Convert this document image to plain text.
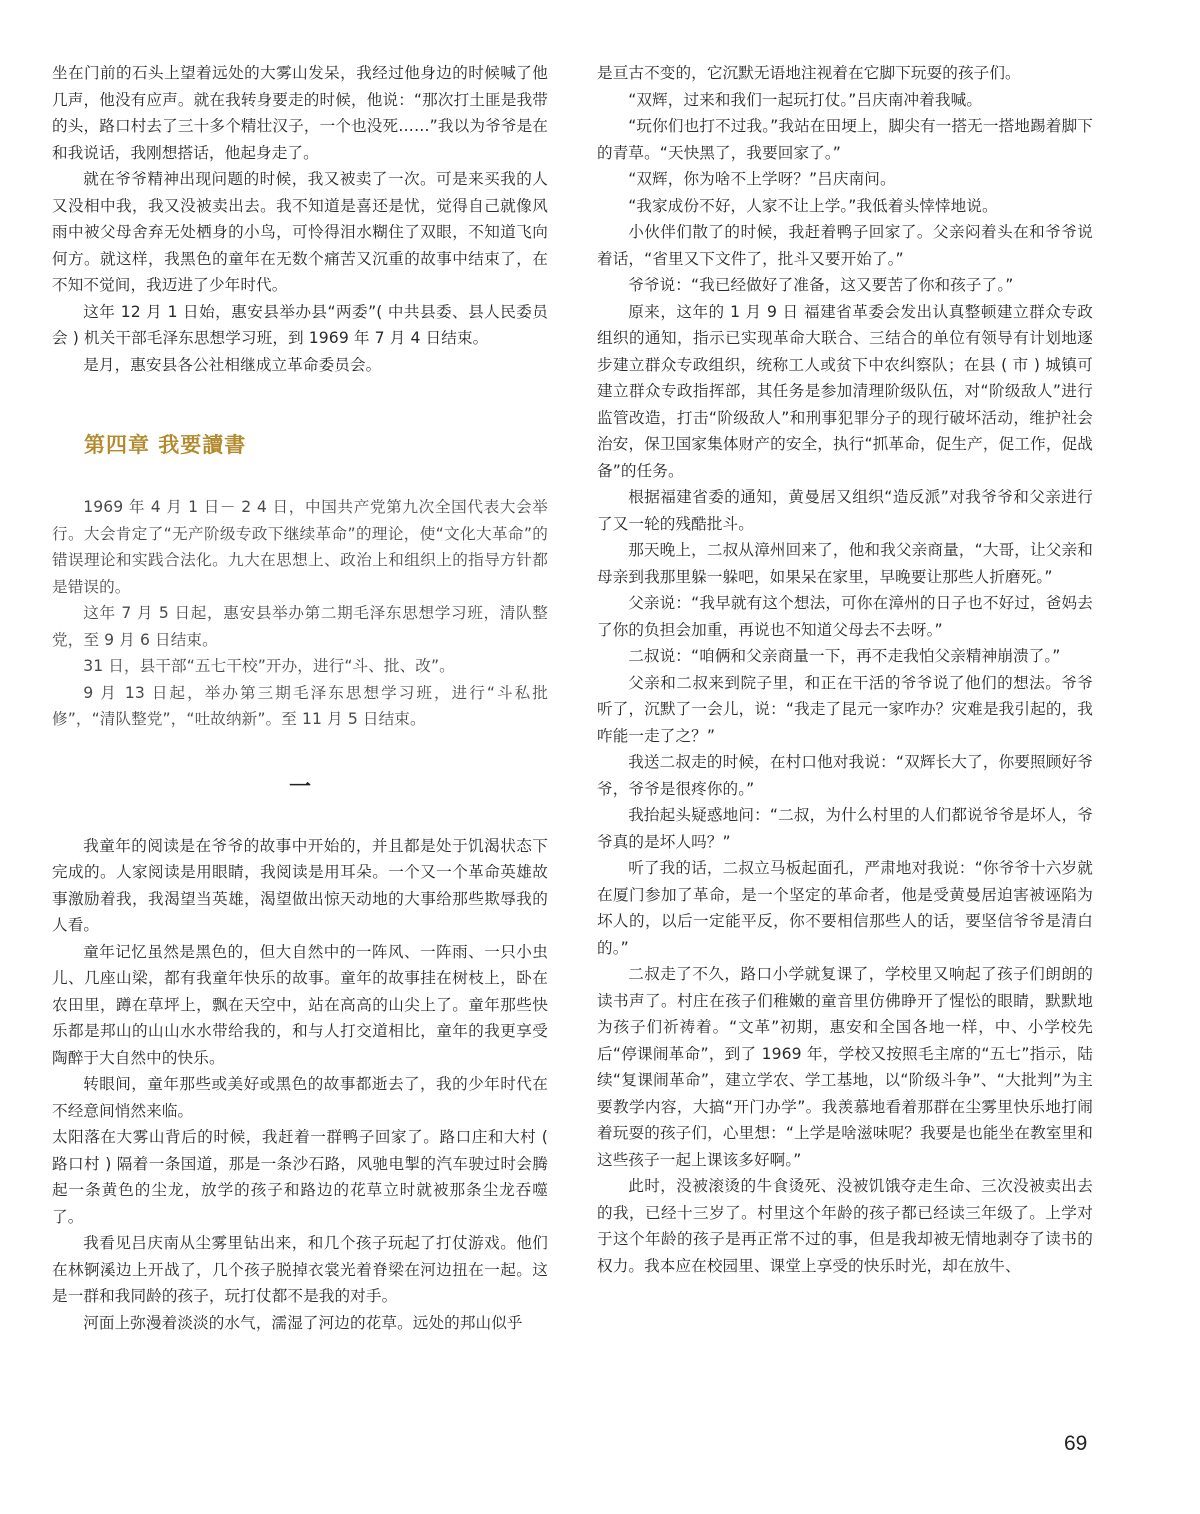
坐在门前的石头上望着远处的大雾山发呆，我经过他身边的时候喊了他几声，他没有应声。就在我转身要走的时候，他说：“那次打土匪是我带的头，路口村去了三十多个精壮汉子，一个也没死……”我以为爷爷是在和我说话，我刚想搭话，他起身走了。

就在爷爷精神出现问题的时候，我又被卖了一次。可是来买我的人又没相中我，我又没被卖出去。我不知道是喜还是忧，觉得自己就像风雨中被父母舍弃无处栖身的小鸟，可怜得泪水糊住了双眼，不知道飞向何方。就这样，我黑色的童年在无数个痛苦又沉重的故事中结束了，在不知不觉间，我迈进了少年时代。

这年 12 月 1 日始，惠安县举办县“两委”( 中共县委、县人民委员会 ) 机关干部毛泽东思想学习班，到 1969 年 7 月 4 日结束。

是月，惠安县各公社相继成立革命委员会。

第四章 我要讀書

1969 年 4 月 1 日－ 2 4 日，中国共产党第九次全国代表大会举行。大会肯定了“无产阶级专政下继续革命”的理论，使“文化大革命”的错误理论和实践合法化。九大在思想上、政治上和组织上的指导方针都是错误的。

这年 7 月 5 日起，惠安县举办第二期毛泽东思想学习班，清队整党，至 9 月 6 日结束。

31 日，县干部“五七干校”开办，进行“斗、批、改”。

9 月 13 日起，举办第三期毛泽东思想学习班，进行“斗私批修”，“清队整党”，“吐故纳新”。至 11 月 5 日结束。

一

我童年的阅读是在爷爷的故事中开始的，并且都是处于饥渴状态下完成的。人家阅读是用眼睛，我阅读是用耳朵。一个又一个革命英雄故事激励着我，我渴望当英雄，渴望做出惊天动地的大事给那些欺辱我的人看。

童年记忆虽然是黑色的，但大自然中的一阵风、一阵雨、一只小虫儿、几座山梁，都有我童年快乐的故事。童年的故事挂在树枝上，卧在农田里，蹲在草坪上，飘在天空中，站在高高的山尖上了。童年那些快乐都是邦山的山山水水带给我的，和与人打交道相比，童年的我更享受陶醉于大自然中的快乐。

转眼间，童年那些或美好或黑色的故事都逝去了，我的少年时代在不经意间悄然来临。

太阳落在大雾山背后的时候，我赶着一群鸭子回家了。路口庄和大村 ( 路口村 ) 隔着一条国道，那是一条沙石路，风驰电掣的汽车驶过时会腾起一条黄色的尘龙，放学的孩子和路边的花草立时就被那条尘龙吞噬了。

我看见吕庆南从尘雾里钻出来，和几个孩子玩起了打仗游戏。他们在林锕溪边上开战了，几个孩子脱掉衣裳光着脊梁在河边扭在一起。这是一群和我同龄的孩子，玩打仗都不是我的对手。

河面上弥漫着淡淡的水气，濡湿了河边的花草。远处的邦山似乎

是亘古不变的，它沉默无语地注视着在它脚下玩耍的孩子们。

“双辉，过来和我们一起玩打仗。”吕庆南冲着我喊。

“玩你们也打不过我。”我站在田埂上，脚尖有一搭无一搭地踢着脚下的青草。“天快黑了，我要回家了。”

“双辉，你为啥不上学呀？”吕庆南问。

“我家成份不好，人家不让上学。”我低着头悻悻地说。

小伙伴们散了的时候，我赶着鸭子回家了。父亲闷着头在和爷爷说着话，“省里又下文件了，批斗又要开始了。”

爷爷说：“我已经做好了准备，这又要苦了你和孩子了。”

原来，这年的 1 月 9 日 福建省革委会发出认真整顿建立群众专政组织的通知，指示已实现革命大联合、三结合的单位有领导有计划地逐步建立群众专政组织，统称工人或贫下中农纠察队；在县 ( 市 ) 城镇可建立群众专政指挥部，其任务是参加清理阶级队伍，对“阶级敌人”进行监管改造，打击“阶级敌人”和刑事犯罪分子的现行破坏活动，维护社会治安，保卫国家集体财产的安全，执行“抓革命，促生产，促工作，促战备”的任务。

根据福建省委的通知，黄曼居又组织“造反派”对我爷爷和父亲进行了又一轮的残酷批斗。

那天晚上，二叔从漳州回来了，他和我父亲商量，“大哥，让父亲和母亲到我那里躲一躲吧，如果呆在家里，早晚要让那些人折磨死。”

父亲说：“我早就有这个想法，可你在漳州的日子也不好过，爸妈去了你的负担会加重，再说也不知道父母去不去呀。”

二叔说：“咱俩和父亲商量一下，再不走我怕父亲精神崩溃了。”

父亲和二叔来到院子里，和正在干活的爷爷说了他们的想法。爷爷听了，沉默了一会儿，说：“我走了昆元一家咋办？灾难是我引起的，我咋能一走了之？”

我送二叔走的时候，在村口他对我说：“双辉长大了，你要照顾好爷爷，爷爷是很疼你的。”

我抬起头疑惑地问：“二叔，为什么村里的人们都说爷爷是坏人，爷爷真的是坏人吗？”

听了我的话，二叔立马板起面孔，严肃地对我说：“你爷爷十六岁就在厦门参加了革命，是一个坚定的革命者，他是受黄曼居迫害被诬陷为坏人的，以后一定能平反，你不要相信那些人的话，要坚信爷爷是清白的。”

二叔走了不久，路口小学就复课了，学校里又响起了孩子们朗朗的读书声了。村庄在孩子们稚嫩的童音里仿佛睁开了惺忪的眼睛，默默地为孩子们祈祷着。“文革”初期，惠安和全国各地一样，中、小学校先后“停课闹革命”，到了 1969 年，学校又按照毛主席的“五七”指示，陆续“复课闹革命”，建立学农、学工基地，以“阶级斗争”、“大批判”为主要教学内容，大搞“开门办学”。我羡慕地看着那群在尘雾里快乐地打闹着玩耍的孩子们，心里想：“上学是啥滋味呢？我要是也能坐在教室里和这些孩子一起上课该多好啊。”

此时，没被滚烫的牛食烫死、没被饥饿夺走生命、三次没被卖出去的我，已经十三岁了。村里这个年龄的孩子都已经读三年级了。上学对于这个年龄的孩子是再正常不过的事，但是我却被无情地剥夺了读书的权力。我本应在校园里、课堂上享受的快乐时光，却在放牛、

69
